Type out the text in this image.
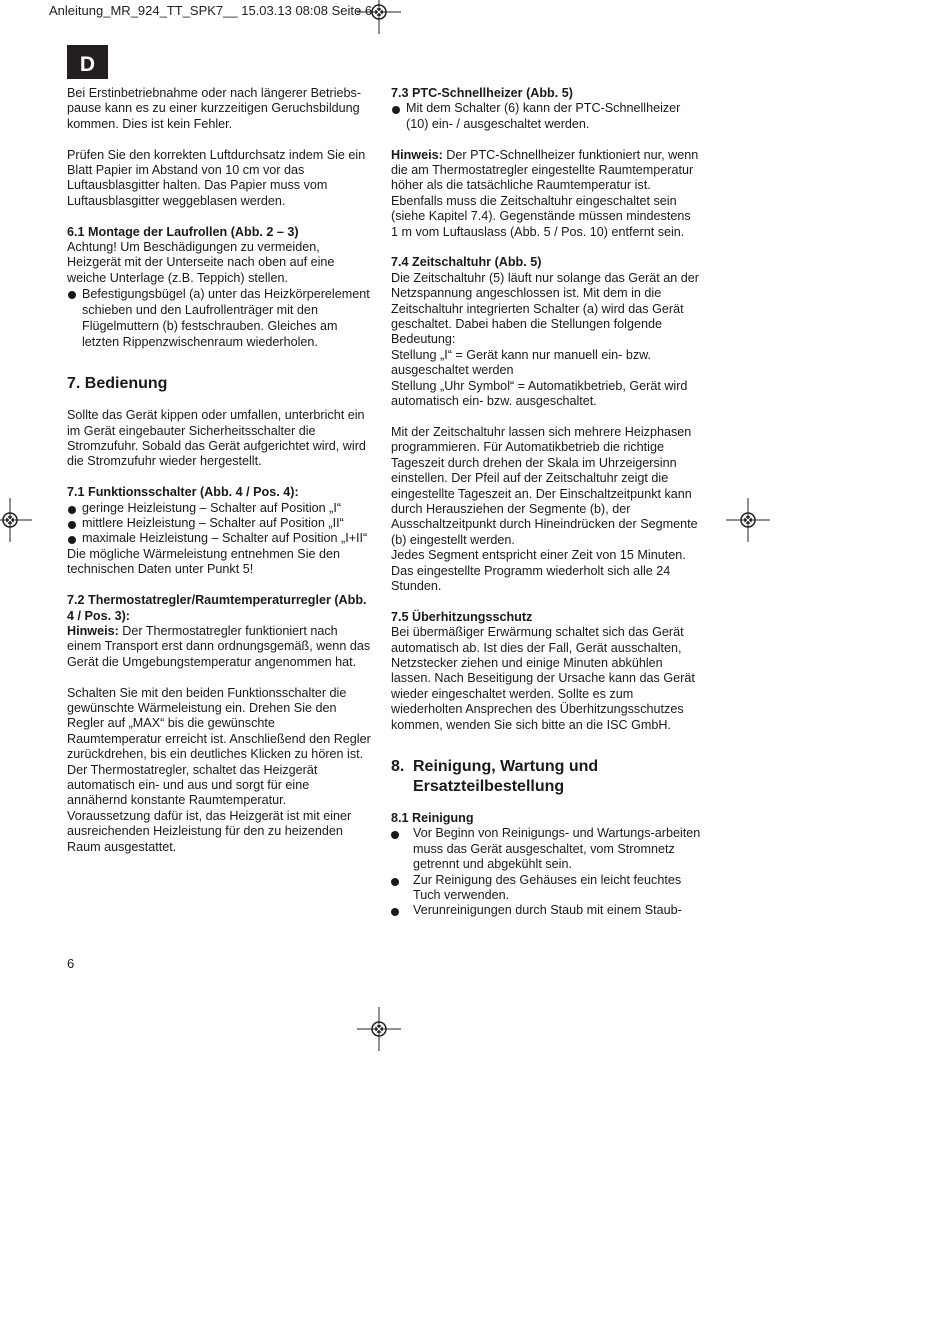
Anleitung_MR_924_TT_SPK7__ 15.03.13 08:08 Seite 6
D

Bei Erstinbetriebnahme oder nach längerer Betriebs-pause kann es zu einer kurzzeitigen Geruchsbildung kommen. Dies ist kein Fehler.

Prüfen Sie den korrekten Luftdurchsatz indem Sie ein Blatt Papier im Abstand von 10 cm vor das Luftausblasgitter halten. Das Papier muss vom Luftausblasgitter weggeblasen werden.

6.1 Montage der Laufrollen (Abb. 2 – 3)

Achtung! Um Beschädigungen zu vermeiden, Heizgerät mit der Unterseite nach oben auf eine weiche Unterlage (z.B. Teppich) stellen.

Befestigungsbügel (a) unter das Heizkörperelement schieben und den Laufrollenträger mit den Flügelmuttern (b) festschrauben. Gleiches am letzten Rippenzwischenraum wiederholen.
7. Bedienung

Sollte das Gerät kippen oder umfallen, unterbricht ein im Gerät eingebauter Sicherheitsschalter die Stromzufuhr. Sobald das Gerät aufgerichtet wird, wird die Stromzufuhr wieder hergestellt.

7.1 Funktionsschalter (Abb. 4 / Pos. 4):

geringe Heizleistung – Schalter auf Position „I“
mittlere Heizleistung – Schalter auf Position „II“
maximale Heizleistung – Schalter auf Position „I+II“

Die mögliche Wärmeleistung entnehmen Sie den technischen Daten unter Punkt 5!

7.2 Thermostatregler/Raumtemperaturregler (Abb. 4 / Pos. 3):

Hinweis: Der Thermostatregler funktioniert nach einem Transport erst dann ordnungsgemäß, wenn das Gerät die Umgebungstemperatur angenommen hat.

Schalten Sie mit den beiden Funktionsschalter die gewünschte Wärmeleistung ein. Drehen Sie den Regler auf „MAX“ bis die gewünschte Raumtemperatur erreicht ist. Anschließend den Regler zurückdrehen, bis ein deutliches Klicken zu hören ist. Der Thermostatregler, schaltet das Heizgerät automatisch ein- und aus und sorgt für eine annähernd konstante Raumtemperatur. Voraussetzung dafür ist, das Heizgerät ist mit einer ausreichenden Heizleistung für den zu heizenden Raum ausgestattet.

7.3 PTC-Schnellheizer (Abb. 5)

Mit dem Schalter (6) kann der PTC-Schnellheizer (10) ein- / ausgeschaltet werden.

Hinweis: Der PTC-Schnellheizer funktioniert nur, wenn die am Thermostatregler eingestellte Raumtemperatur höher als die tatsächliche Raumtemperatur ist. Ebenfalls muss die Zeitschaltuhr eingeschaltet sein (siehe Kapitel 7.4). Gegenstände müssen mindestens 1 m vom Luftauslass (Abb. 5 / Pos. 10) entfernt sein.

7.4 Zeitschaltuhr (Abb. 5)

Die Zeitschaltuhr (5) läuft nur solange das Gerät an der Netzspannung angeschlossen ist. Mit dem in die Zeitschaltuhr integrierten Schalter (a) wird das Gerät geschaltet. Dabei haben die Stellungen folgende Bedeutung:

Stellung „I“ = Gerät kann nur manuell ein- bzw. ausgeschaltet werden

Stellung „Uhr Symbol“ = Automatikbetrieb, Gerät wird automatisch ein- bzw. ausgeschaltet.

Mit der Zeitschaltuhr lassen sich mehrere Heizphasen programmieren. Für Automatikbetrieb die richtige Tageszeit durch drehen der Skala im Uhrzeigersinn einstellen. Der Pfeil auf der Zeitschaltuhr zeigt die eingestellte Tageszeit an. Der Einschaltzeitpunkt kann durch Herausziehen der Segmente (b), der Ausschaltzeitpunkt durch Hineindrücken der Segmente (b) eingestellt werden.

Jedes Segment entspricht einer Zeit von 15 Minuten. Das eingestellte Programm wiederholt sich alle 24 Stunden.

7.5 Überhitzungsschutz

Bei übermäßiger Erwärmung schaltet sich das Gerät automatisch ab. Ist dies der Fall, Gerät ausschalten, Netzstecker ziehen und einige Minuten abkühlen lassen. Nach Beseitigung der Ursache kann das Gerät wieder eingeschaltet werden. Sollte es zum wiederholten Ansprechen des Überhitzungsschutzes kommen, wenden Sie sich bitte an die ISC GmbH.

8. Reinigung, Wartung und Ersatzteilbestellung

8.1 Reinigung

Vor Beginn von Reinigungs- und Wartungs-arbeiten muss das Gerät ausgeschaltet, vom Stromnetz getrennt und abgekühlt sein.
Zur Reinigung des Gehäuses ein leicht feuchtes Tuch verwenden.
Verunreinigungen durch Staub mit einem Staub-
6
